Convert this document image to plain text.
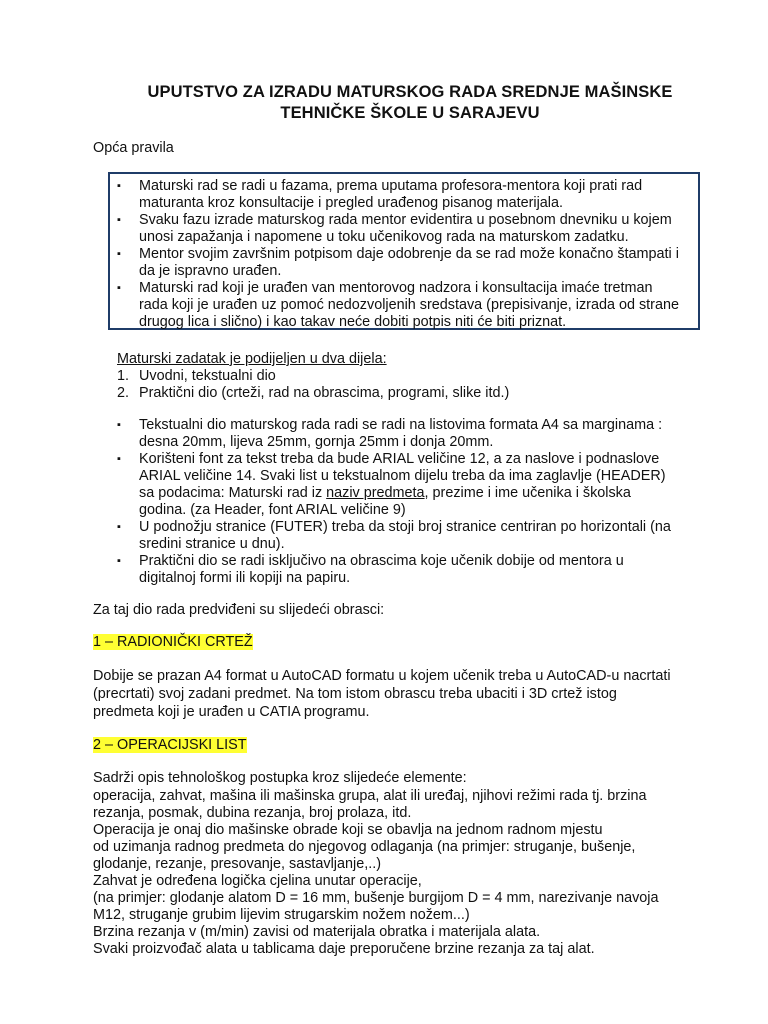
UPUTSTVO ZA IZRADU MATURSKOG RADA SREDNJE MAŠINSKE
TEHNIČKE ŠKOLE U SARAJEVU
Opća pravila
▪ Maturski rad se radi u fazama, prema uputama profesora-mentora koji prati rad
maturanta kroz konsultacije i pregled urađenog pisanog materijala.
▪ Svaku fazu izrade maturskog rada mentor evidentira u posebnom dnevniku u kojem
unosi zapažanja i napomene u toku učenikovog rada na maturskom zadatku.
▪ Mentor svojim završnim potpisom daje odobrenje da se rad može konačno štampati i
da je ispravno urađen.
▪ Maturski rad koji je urađen van mentorovog nadzora i konsultacija imaće tretman
rada koji je urađen uz pomoć nedozvoljenih sredstava (prepisivanje, izrada od strane
drugog lica i slično) i kao takav neće dobiti potpis niti će biti priznat.
Maturski zadatak je podijeljen u dva dijela:
1. Uvodni, tekstualni dio
2. Praktični dio (crteži, rad na obrascima, programi, slike itd.)
▪ Tekstualni dio maturskog rada radi se radi na listovima formata A4 sa marginama :
desna 20mm, lijeva 25mm, gornja 25mm i donja 20mm.
▪ Korišteni font za tekst treba da bude ARIAL veličine 12, a za naslove i podnaslove
ARIAL veličine 14. Svaki list u tekstualnom dijelu treba da ima zaglavlje (HEADER)
sa podacima: Maturski rad iz naziv predmeta, prezime i ime učenika i školska
godina. (za Header, font ARIAL veličine 9)
▪ U podnožju stranice (FUTER) treba da stoji broj stranice centriran po horizontali (na
sredini stranice u dnu).
▪ Praktični dio se radi isključivo na obrascima koje učenik dobije od mentora u
digitalnoj formi ili kopiji na papiru.
Za taj dio rada predviđeni su slijedeći obrasci:
1 – RADIONIČKI CRTEŽ
Dobije se prazan A4 format u AutoCAD formatu u kojem učenik treba u AutoCAD-u nacrtati
(precrtati) svoj zadani predmet. Na tom istom obrascu treba ubaciti i 3D crtež istog
predmeta koji je urađen u CATIA programu.
2 – OPERACIJSKI LIST
Sadrži opis tehnološkog postupka kroz slijedeće elemente:
operacija, zahvat, mašina ili mašinska grupa, alat ili uređaj, njihovi režimi rada tj. brzina
rezanja, posmak, dubina rezanja, broj prolaza, itd.
Operacija je onaj dio mašinske obrade koji se obavlja na jednom radnom mjestu
od uzimanja radnog predmeta do njegovog odlaganja (na primjer: struganje, bušenje,
glodanje, rezanje, presovanje, sastavljanje,..)
Zahvat je određena logička cjelina unutar operacije,
(na primjer: glodanje alatom D = 16 mm, bušenje burgijom D = 4 mm, narezivanje navoja
M12, struganje grubim lijevim strugarskim nožem nožem...)
Brzina rezanja v (m/min) zavisi od materijala obratka i materijala alata.
Svaki proizvođač alata u tablicama daje preporučene brzine rezanja za taj alat.
